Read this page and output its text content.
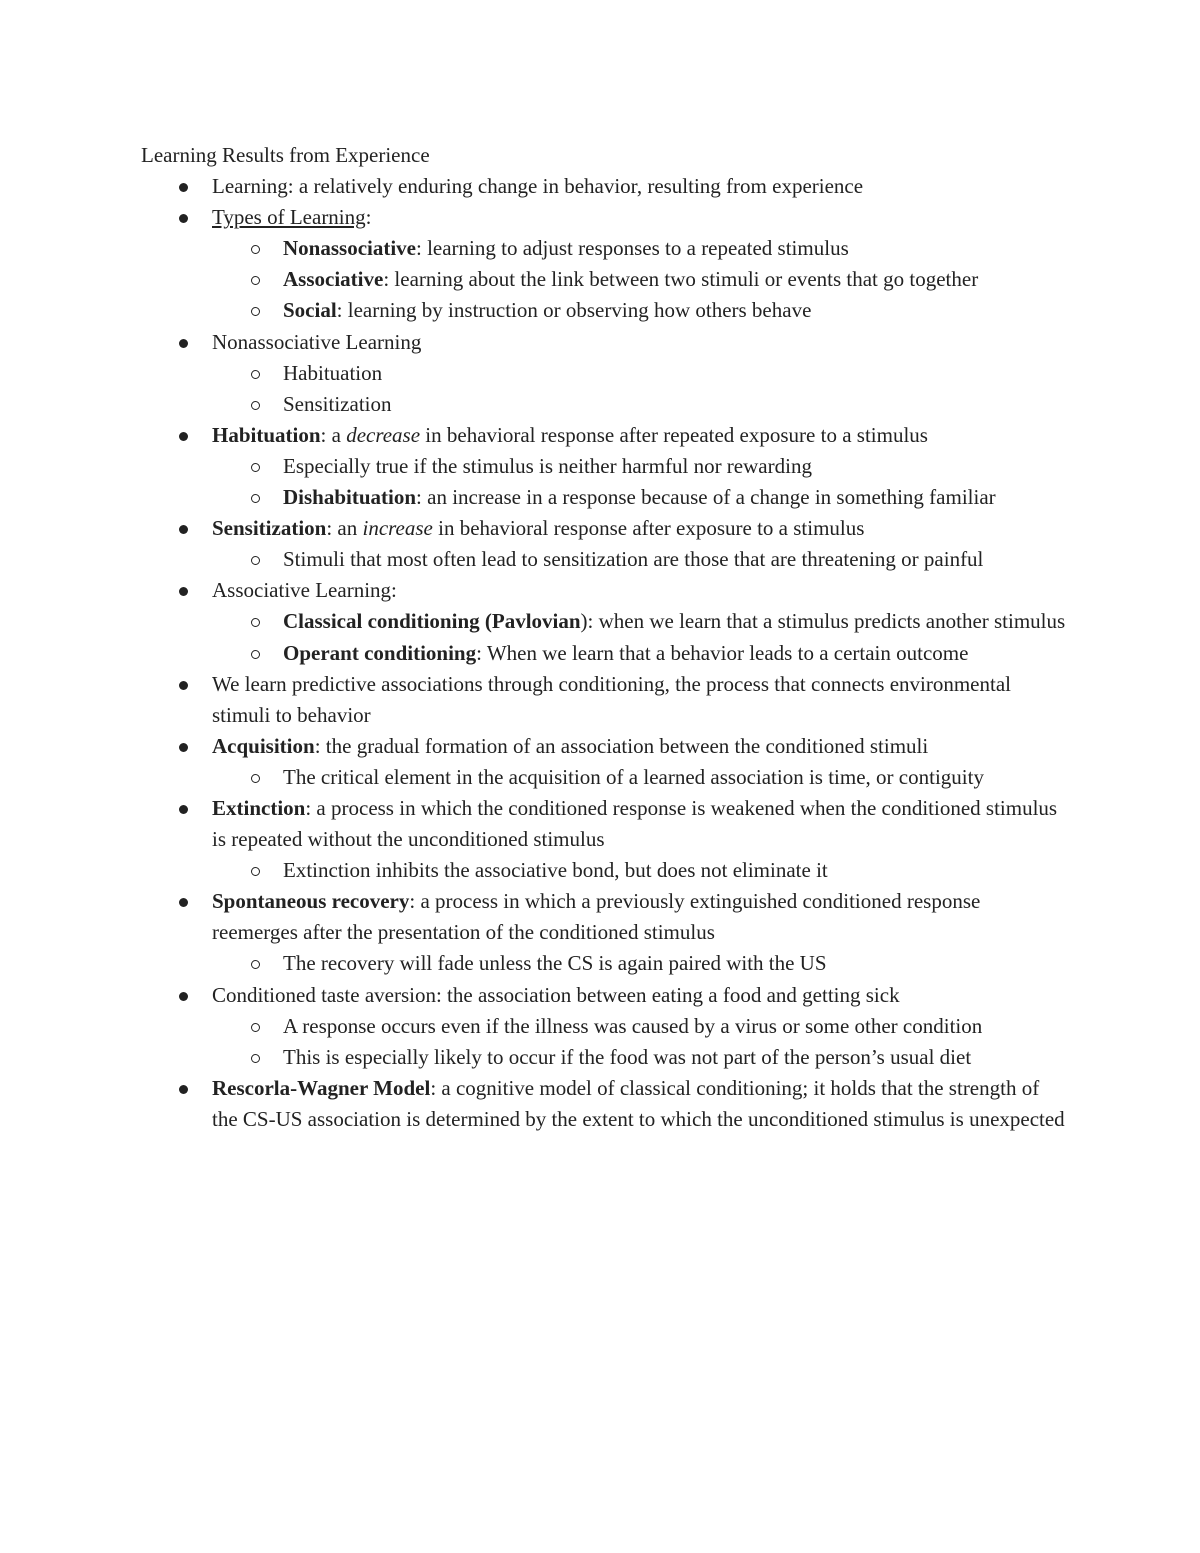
Learning Results from Experience
Learning: a relatively enduring change in behavior, resulting from experience
Types of Learning:
Nonassociative: learning to adjust responses to a repeated stimulus
Associative: learning about the link between two stimuli or events that go together
Social: learning by instruction or observing how others behave
Nonassociative Learning
Habituation
Sensitization
Habituation: a decrease in behavioral response after repeated exposure to a stimulus
Especially true if the stimulus is neither harmful nor rewarding
Dishabituation: an increase in a response because of a change in something familiar
Sensitization: an increase in behavioral response after exposure to a stimulus
Stimuli that most often lead to sensitization are those that are threatening or painful
Associative Learning:
Classical conditioning (Pavlovian): when we learn that a stimulus predicts another stimulus
Operant conditioning: When we learn that a behavior leads to a certain outcome
We learn predictive associations through conditioning, the process that connects environmental stimuli to behavior
Acquisition: the gradual formation of an association between the conditioned stimuli
The critical element in the acquisition of a learned association is time, or contiguity
Extinction: a process in which the conditioned response is weakened when the conditioned stimulus is repeated without the unconditioned stimulus
Extinction inhibits the associative bond, but does not eliminate it
Spontaneous recovery: a process in which a previously extinguished conditioned response reemerges after the presentation of the conditioned stimulus
The recovery will fade unless the CS is again paired with the US
Conditioned taste aversion: the association between eating a food and getting sick
A response occurs even if the illness was caused by a virus or some other condition
This is especially likely to occur if the food was not part of the person’s usual diet
Rescorla-Wagner Model: a cognitive model of classical conditioning; it holds that the strength of the CS-US association is determined by the extent to which the unconditioned stimulus is unexpected
